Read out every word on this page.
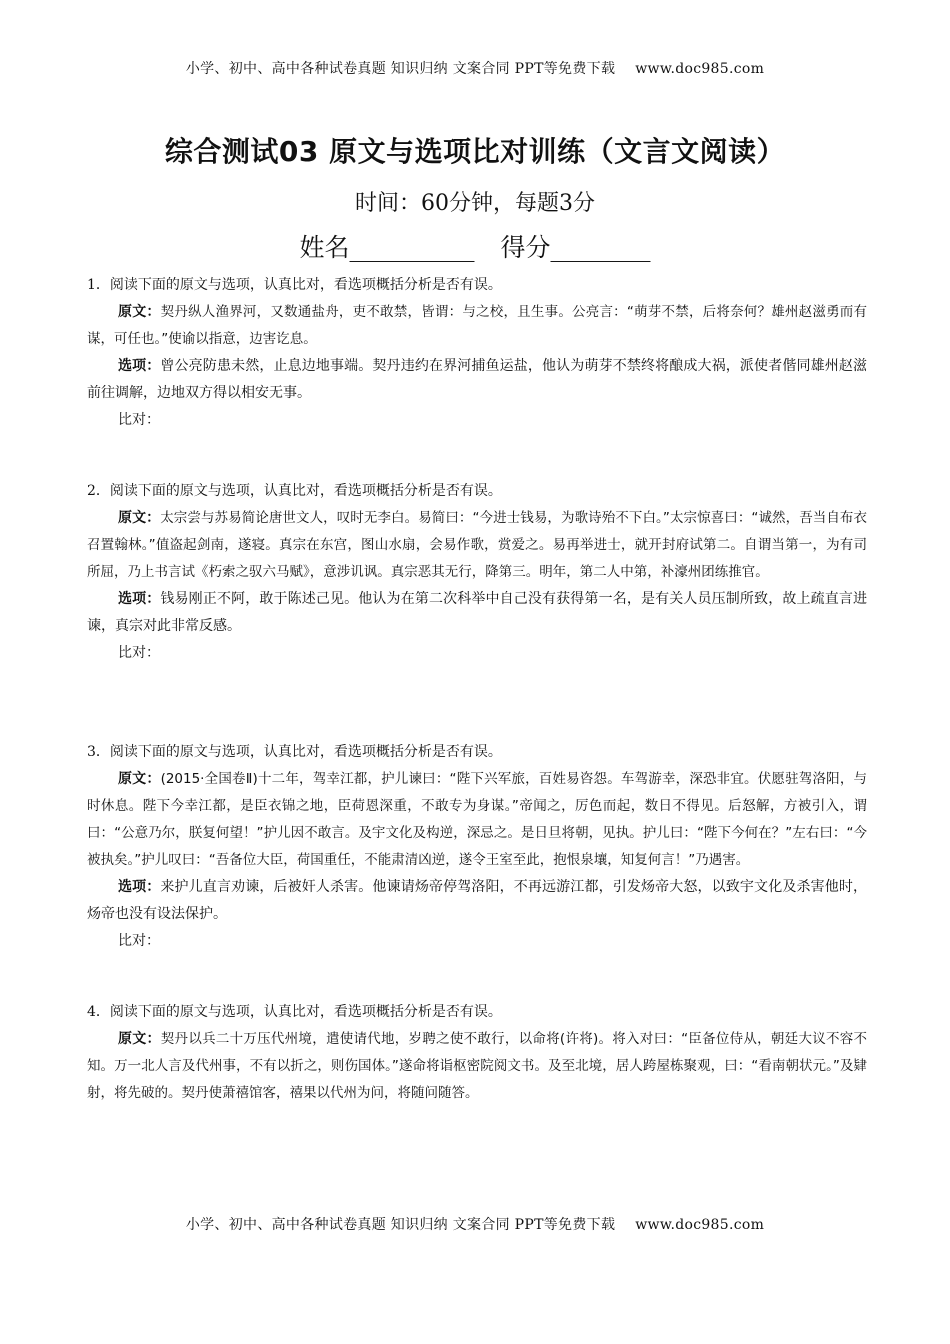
小学、初中、高中各种试卷真题 知识归纳 文案合同 PPT等免费下载 www.doc985.com
综合测试03 原文与选项比对训练（文言文阅读）
时间：60分钟，每题3分
姓名__________ 得分________
1．阅读下面的原文与选项，认真比对，看选项概括分析是否有误。
原文：契丹纵人渔界河，又数通盐舟，吏不敢禁，皆谓：与之校，且生事。公亮言：“萌芽不禁，后将奈何？雄州赵滋勇而有谋，可任也。”使谕以指意，边害讫息。
选项：曾公亮防患未然，止息边地事端。契丹违约在界河捕鱼运盐，他认为萌芽不禁终将酿成大祸，派使者偕同雄州赵滋前往调解，边地双方得以相安无事。
比对：
2．阅读下面的原文与选项，认真比对，看选项概括分析是否有误。
原文：太宗尝与苏易简论唐世文人，叹时无李白。易简曰：“今进士钱易，为歌诗殆不下白。”太宗惊喜曰：“诚然，吾当自布衣召置翰林。”值盗起剑南，遂寝。真宗在东宫，图山水扇，会易作歌，赏爱之。易再举进士，就开封府试第二。自谓当第一，为有司所屈，乃上书言试《朽索之驭六马赋》，意涉讥讽。真宗恶其无行，降第三。明年，第二人中第，补濠州团练推官。
选项：钱易刚正不阿，敢于陈述己见。他认为在第二次科举中自己没有获得第一名，是有关人员压制所致，故上疏直言进谏，真宗对此非常反感。
比对：
3．阅读下面的原文与选项，认真比对，看选项概括分析是否有误。
原文：(2015·全国卷Ⅱ)十二年，驾幸江都，护儿谏曰：“陛下兴军旅，百姓易咨怨。车驾游幸，深恐非宜。伏愿驻驾洛阳，与时休息。陛下今幸江都，是臣衣锦之地，臣荷恩深重，不敢专为身谋。”帝闻之，厉色而起，数日不得见。后怒解，方被引入，谓曰：“公意乃尔，朕复何望！”护儿因不敢言。及宇文化及构逆，深忌之。是日旦将朝，见执。护儿曰：“陛下今何在？”左右曰：“今被执矣。”护儿叹曰：“吾备位大臣，荷国重任，不能肃清凶逆，遂令王室至此，抱恨泉壤，知复何言！”乃遇害。
选项：来护儿直言劝谏，后被奸人杀害。他谏请炀帝停驾洛阳，不再远游江都，引发炀帝大怒，以致宇文化及杀害他时，炀帝也没有设法保护。
比对：
4．阅读下面的原文与选项，认真比对，看选项概括分析是否有误。
原文：契丹以兵二十万压代州境，遣使请代地，岁聘之使不敢行，以命将(许将)。将入对曰：“臣备位侍从，朝廷大议不容不知。万一北人言及代州事，不有以折之，则伤国体。”遂命将诣枢密院阅文书。及至北境，居人跨屋栋聚观，曰：“看南朝状元。”及肄射，将先破的。契丹使萧禧馆客，禧果以代州为问，将随问随答。
小学、初中、高中各种试卷真题 知识归纳 文案合同 PPT等免费下载 www.doc985.com
